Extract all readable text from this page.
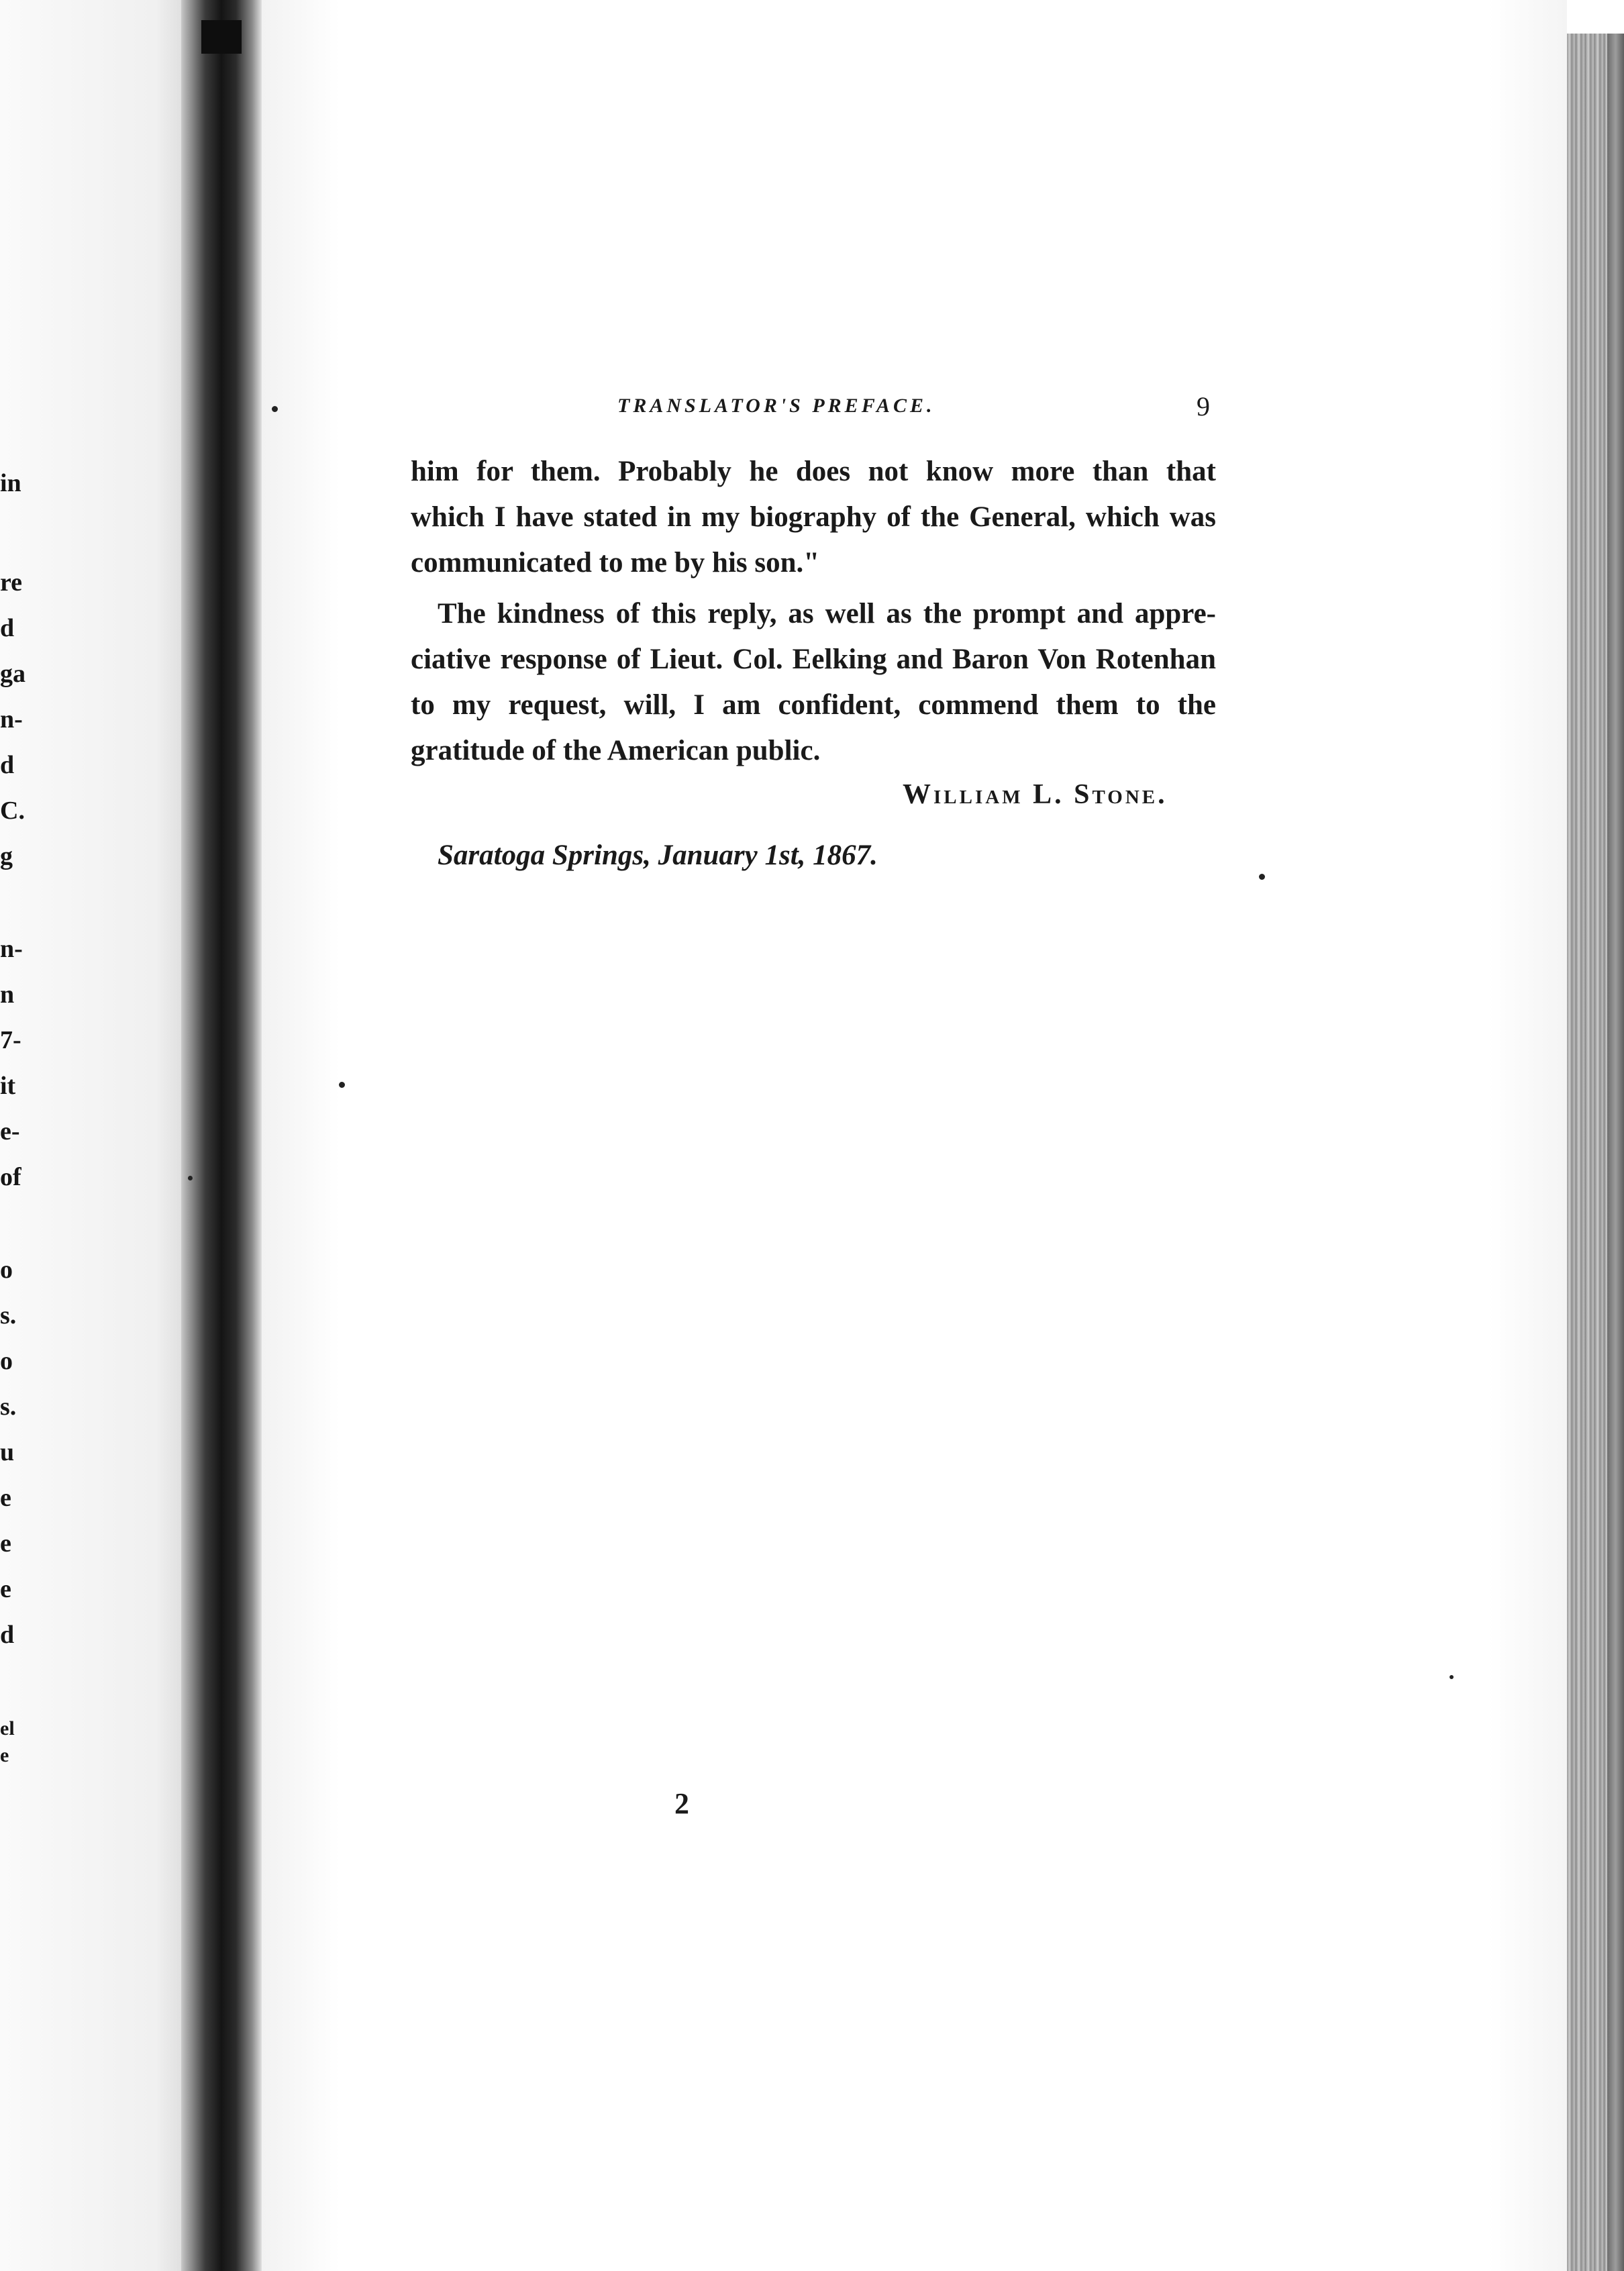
in
re
d
ga
n-
d
C.
g
n-
n
7-
it
e-
of
o
s.
o
s.
u
e
e
e
d
el
e
TRANSLATOR'S PREFACE.	9
him for them. Probably he does not know more than that
which I have stated in my biography of the General, which was
communicated to me by his son."
The kindness of this reply, as well as the prompt and appre-
ciative response of Lieut. Col. Eelking and Baron Von Rotenhan
to my request, will, I am confident, commend them to the
gratitude of the American public.
William L. Stone.
Saratoga Springs, January 1st, 1867.
2
